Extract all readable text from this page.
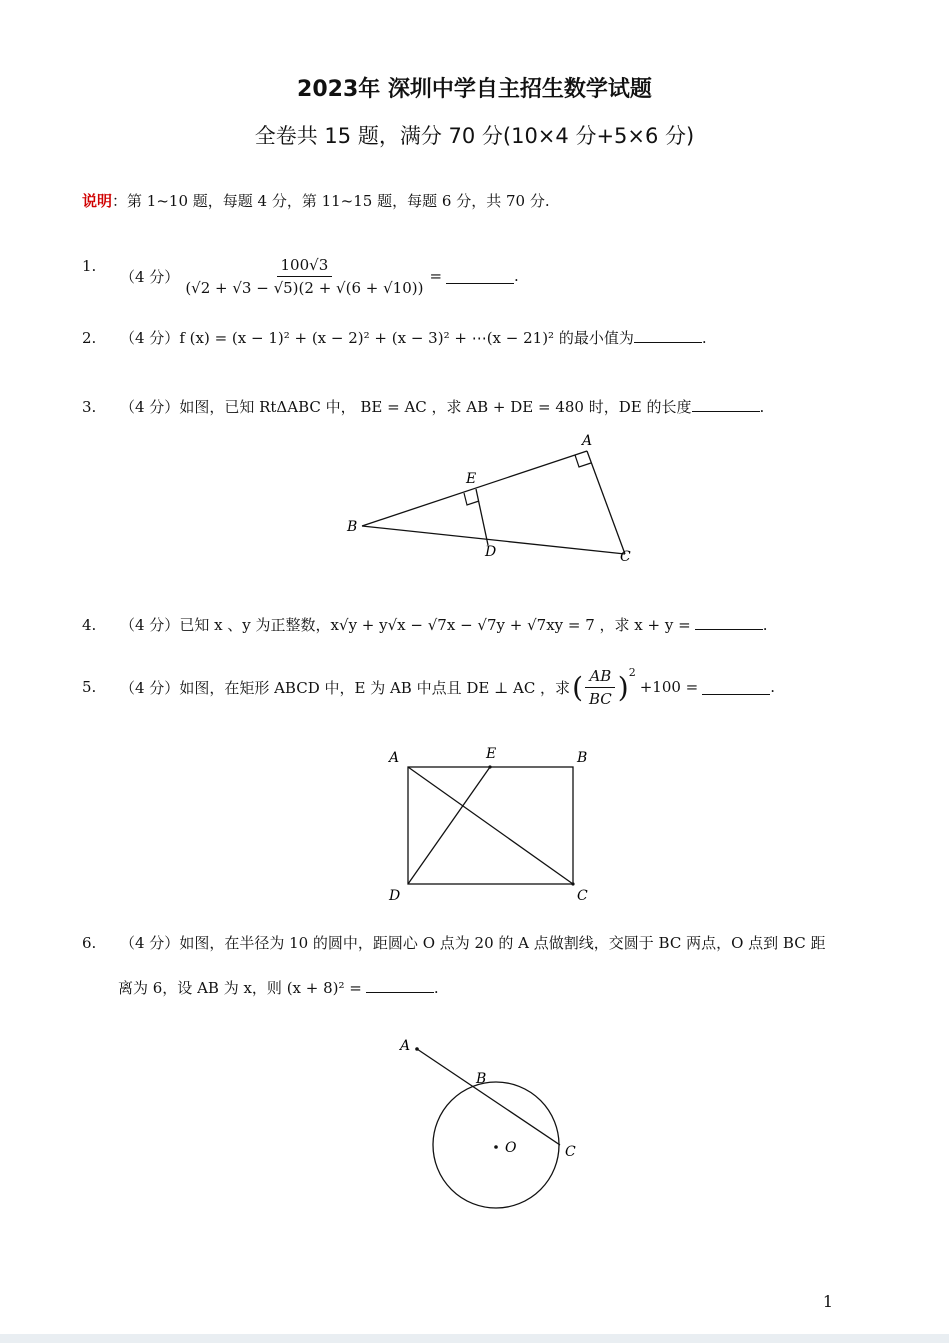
2023年 深圳中学自主招生数学试题
全卷共 15 题，满分 70 分(10×4 分+5×6 分)
说明：第 1~10 题，每题 4 分，第 11~15 题，每题 6 分，共 70 分.
1.
（4 分） $\frac{100√3}{(√2 + √3 - √5)(2 + √(6 + √10))}$ =	.
2. （4 分）f (x) = (x − 1)² + (x − 2)² + (x − 3)² + ⋯(x − 21)² 的最小值为	.
3. （4 分）如图，已知 RtΔABC 中， BE = AC ，求 AB + DE = 480 时，DE 的长度	.
A
B
C
D
E
4. （4 分）已知 x 、y 为正整数，x√y + y√x − √7x − √7y + √7xy = 7 ，求 x + y =	.
5. （4 分） 如图，在矩形 ABCD 中，E 为 AB 中点且 DE ⊥ AC ，求 ( $\frac{AB}{BC} )^2$
+100 =	.
A	B
C
D
E
6. （4 分）如图，在半径为 10 的圆中，距圆心 O 点为 20 的 A 点做割线，交圆于 BC 两点，O 点到 BC 距
离为 6，设 AB 为 x，则 (x + 8)² =	.
A
B
C
O
1
